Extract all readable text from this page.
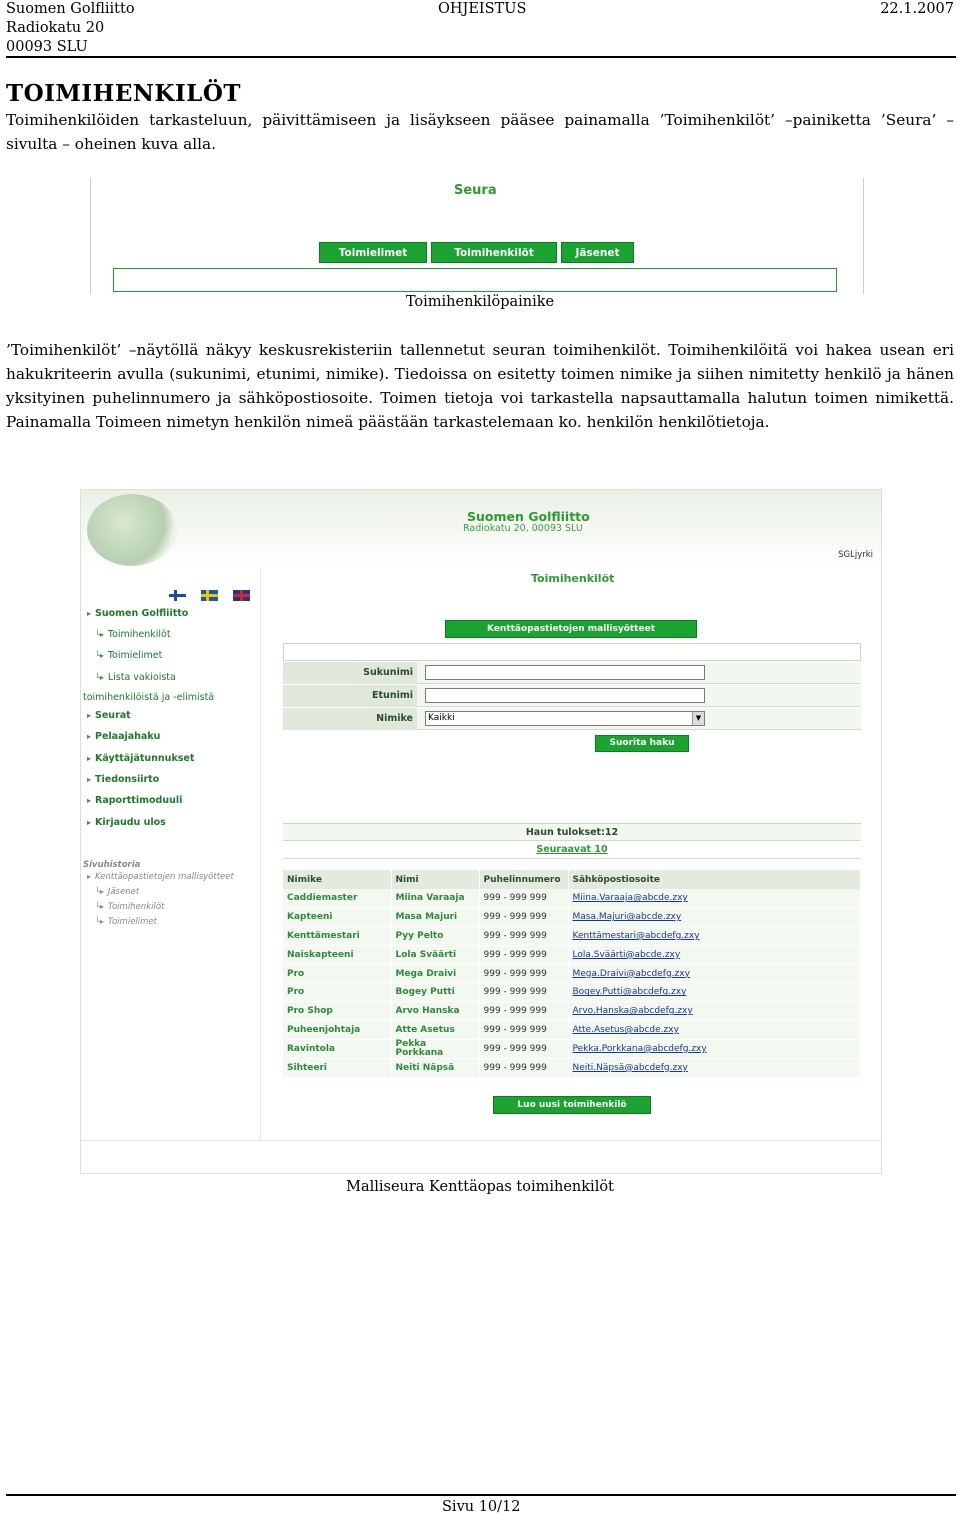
Suomen Golfliitto
Radiokatu 20
00093 SLU
OHJEISTUS	22.1.2007
TOIMIHENKILÖT
Toimihenkilöiden tarkasteluun, päivittämiseen ja lisäykseen pääsee painamalla ’Toimihenkilöt’ –painiketta ’Seura’ –sivulta – oheinen kuva alla.
Seura
Toimielimet	Toimihenkilöt	Jäsenet
Toimihenkilöpainike
’Toimihenkilöt’ –näytöllä näkyy keskusrekisteriin tallennetut seuran toimihenkilöt. Toimihenkilöitä voi hakea usean eri hakukriteerin avulla (sukunimi, etunimi, nimike). Tiedoissa on esitetty toimen nimike ja siihen nimitetty henkilö ja hänen yksityinen puhelinnumero ja sähköpostiosoite. Toimen tietoja voi tarkastella napsauttamalla halutun toimen nimikettä. Painamalla Toimeen nimetyn henkilön nimeä päästään tarkastelemaan ko. henkilön henkilötietoja.
Suomen Golfliitto
Radiokatu 20, 00093 SLU
SGLjyrki
▸ Suomen Golfliitto
└▸ Toimihenkilöt
└▸ Toimielimet
└▸ Lista vakioista
toimihenkilöistä ja -elimistä
▸ Seurat
▸ Pelaajahaku
▸ Käyttäjätunnukset
▸ Tiedonsiirto
▸ Raporttimoduuli
▸ Kirjaudu ulos
Sivuhistoria
▸ Kenttäopastietojen mallisyötteet
└▸ Jäsenet
└▸ Toimihenkilöt
└▸ Toimielimet
Toimihenkilöt
Kenttäopastietojen mallisyötteet
Sukunimi
Etunimi
Nimike	Kaikki	▼
Suorita haku
Haun tulokset:12
Seuraavat 10
Nimike	Nimi	Puhelinnumero	Sähköpostiosoite
Caddiemaster	Miina Varaaja	999 - 999 999	Miina.Varaaja@abcde.zxy
Kapteeni	Masa Majuri	999 - 999 999	Masa.Majuri@abcde.zxy
Kenttämestari	Pyy Pelto	999 - 999 999	Kenttämestari@abcdefg.zxy
Naiskapteeni	Lola Sväärti	999 - 999 999	Lola.Sväärti@abcde.zxy
Pro	Mega Draivi	999 - 999 999	Mega.Draivi@abcdefg.zxy
Pro	Bogey Putti	999 - 999 999	Bogey.Putti@abcdefg.zxy
Pro Shop	Arvo Hanska	999 - 999 999	Arvo.Hanska@abcdefg.zxy
Puheenjohtaja	Atte Asetus	999 - 999 999	Atte.Asetus@abcde.zxy
Ravintola	Pekka Porkkana	999 - 999 999	Pekka.Porkkana@abcdefg.zxy
Sihteeri	Neiti Näpsä	999 - 999 999	Neiti.Näpsä@abcdefg.zxy
Luo uusi toimihenkilö
Malliseura Kenttäopas toimihenkilöt
Sivu 10/12
